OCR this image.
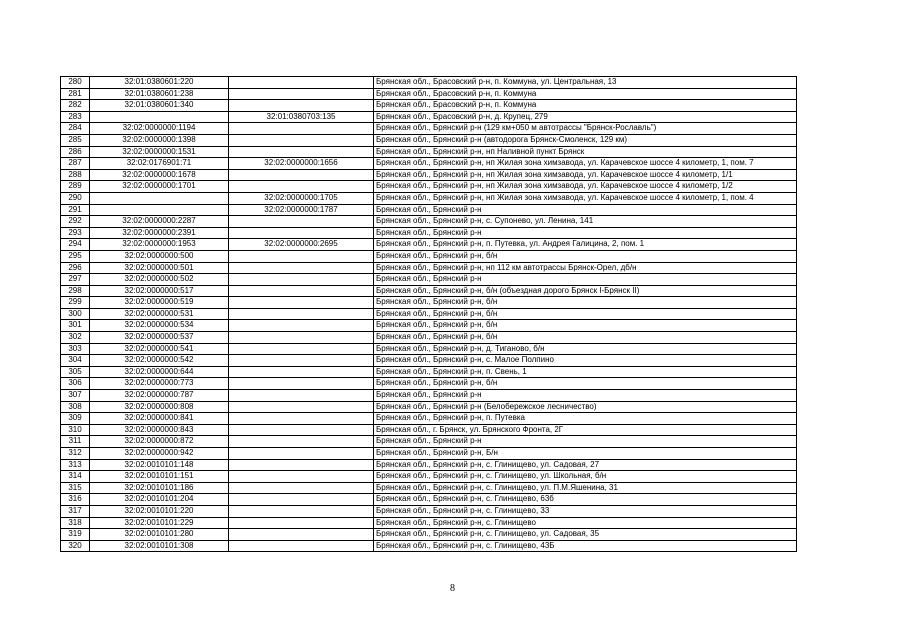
280	32:01:0380601:220		Брянская обл., Брасовский р-н, п. Коммуна, ул. Центральная, 13
281	32:01:0380601:238		Брянская обл., Брасовский р-н, п. Коммуна
282	32:01:0380601:340		Брянская обл., Брасовский р-н, п. Коммуна
283		32:01:0380703:135	Брянская обл., Брасовский р-н, д. Крупец, 279
284	32:02:0000000:1194		Брянская обл., Брянский р-н (129 км+050 м автотрассы "Брянск-Рославль")
285	32:02:0000000:1398		Брянская обл., Брянский р-н (автодорога Брянск-Смоленск, 129 км)
286	32:02:0000000:1531		Брянская обл., Брянский р-н, нп Наливной пункт Брянск
287	32:02:0176901:71	32:02:0000000:1656	Брянская обл., Брянский р-н, нп Жилая зона химзавода, ул. Карачевское шоссе 4 километр, 1, пом. 7
288	32:02:0000000:1678		Брянская обл., Брянский р-н, нп Жилая зона химзавода, ул. Карачевское шоссе 4 километр, 1/1
289	32:02:0000000:1701		Брянская обл., Брянский р-н, нп Жилая зона химзавода, ул. Карачевское шоссе 4 километр, 1/2
290		32:02:0000000:1705	Брянская обл., Брянский р-н, нп Жилая зона химзавода, ул. Карачевское шоссе 4 километр, 1, пом. 4
291		32:02:0000000:1787	Брянская обл., Брянский р-н
292	32:02:0000000:2287		Брянская обл., Брянский р-н, с. Супонево, ул. Ленина, 141
293	32:02:0000000:2391		Брянская обл., Брянский р-н
294	32:02:0000000:1953	32:02:0000000:2695	Брянская обл., Брянский р-н, п. Путевка, ул. Андрея Галицина, 2, пом. 1
295	32:02:0000000:500		Брянская обл., Брянский р-н, б/н
296	32:02:0000000:501		Брянская обл., Брянский р-н, нп 112 км автотрассы Брянск-Орел, дб/н
297	32:02:0000000:502		Брянская обл., Брянский р-н
298	32:02:0000000:517		Брянская обл., Брянский р-н, б/н (объездная дорого Брянск I-Брянск II)
299	32:02:0000000:519		Брянская обл., Брянский р-н, б/н
300	32:02:0000000:531		Брянская обл., Брянский р-н, б/н
301	32:02:0000000:534		Брянская обл., Брянский р-н, б/н
302	32:02:0000000:537		Брянская обл., Брянский р-н, б/н
303	32:02:0000000:541		Брянская обл., Брянский р-н, д. Тиганово, б/н
304	32:02:0000000:542		Брянская обл., Брянский р-н, с. Малое Полпино
305	32:02:0000000:644		Брянская обл., Брянский р-н, п. Свень, 1
306	32:02:0000000:773		Брянская обл., Брянский р-н, б/н
307	32:02:0000000:787		Брянская обл., Брянский р-н
308	32:02:0000000:808		Брянская обл., Брянский р-н (Белобережское лесничество)
309	32:02:0000000:841		Брянская обл., Брянский р-н, п. Путевка
310	32:02:0000000:843		Брянская обл., г. Брянск, ул. Брянского Фронта, 2Г
311	32:02:0000000:872		Брянская обл., Брянский р-н
312	32:02:0000000:942		Брянская обл., Брянский р-н, Б/н
313	32:02:0010101:148		Брянская обл., Брянский р-н, с. Глинищево, ул. Садовая, 27
314	32:02:0010101:151		Брянская обл., Брянский р-н, с. Глинищево, ул. Школьная, б/н
315	32:02:0010101:186		Брянская обл., Брянский р-н, с. Глинищево, ул. П.М.Яшенина, 31
316	32:02:0010101:204		Брянская обл., Брянский р-н, с. Глинищево, 63б
317	32:02:0010101:220		Брянская обл., Брянский р-н, с. Глинищево, 33
318	32:02:0010101:229		Брянская обл., Брянский р-н, с. Глинищево
319	32:02:0010101:280		Брянская обл., Брянский р-н, с. Глинищево, ул. Садовая, 35
320	32:02:0010101:308		Брянская обл., Брянский р-н, с. Глинищево, 43Б
8
